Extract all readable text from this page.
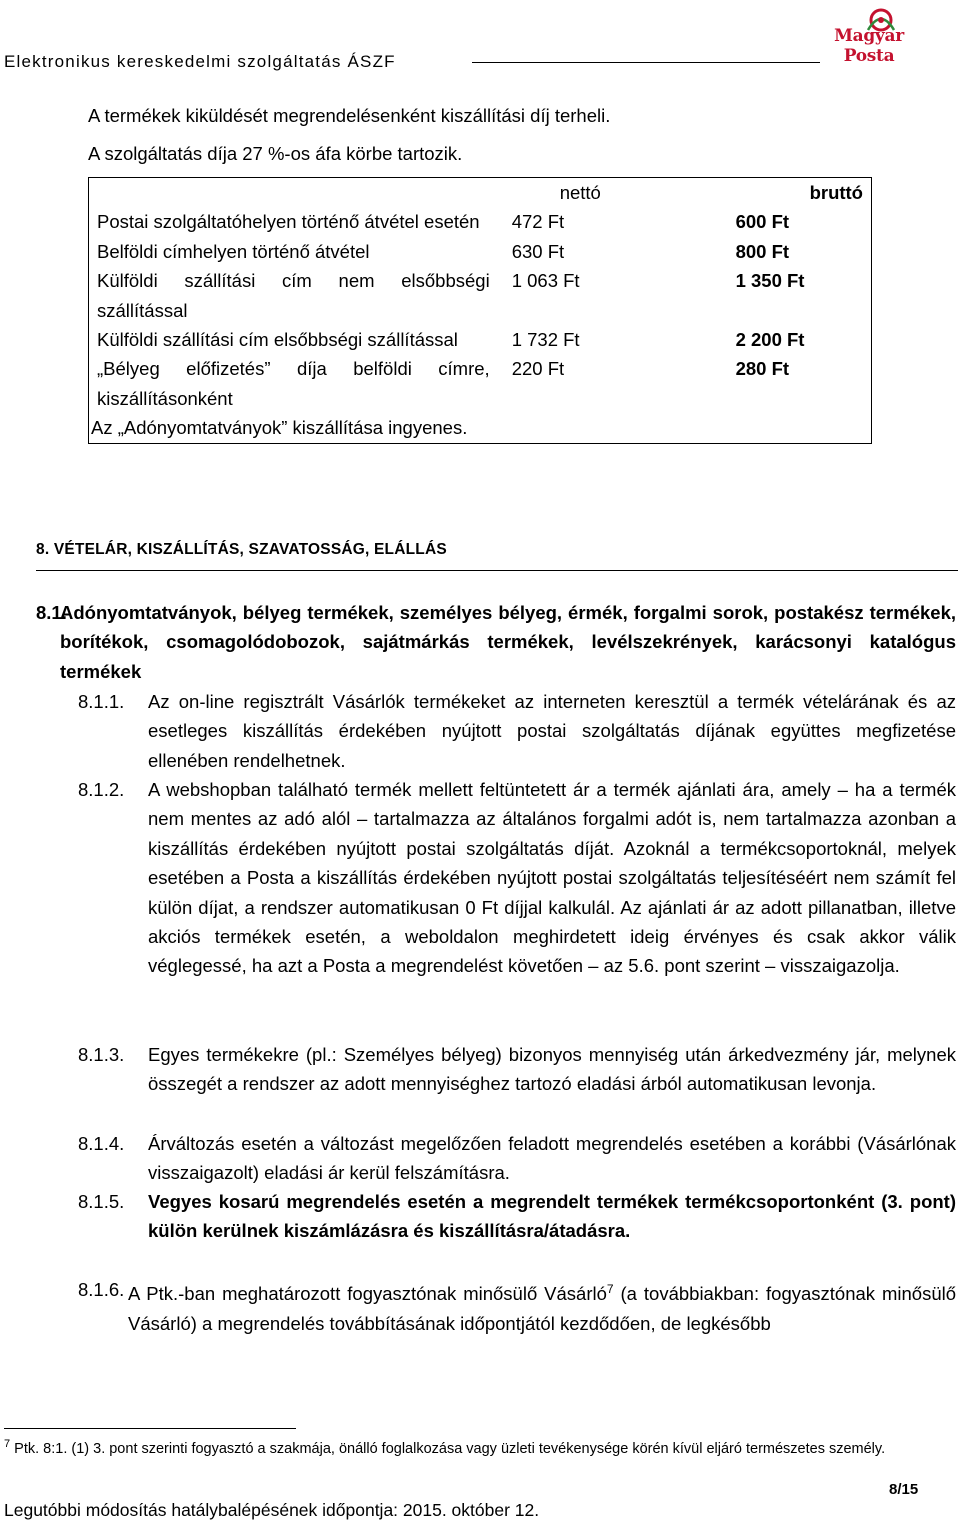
Elektronikus kereskedelmi szolgáltatás ÁSZF
Magyar Posta
A termékek kiküldését megrendelésenként kiszállítási díj terheli.
A szolgáltatás díja 27 %-os áfa körbe tartozik.
	nettó	bruttó
Postai szolgáltatóhelyen történő átvétel esetén	472 Ft	600 Ft
Belföldi címhelyen történő átvétel	630 Ft	800 Ft
Külföldi szállítási cím nem elsőbbségi szállítással	1 063 Ft	1 350 Ft
Külföldi szállítási cím elsőbbségi szállítással	1 732 Ft	2 200 Ft
„Bélyeg előfizetés” díja belföldi címre, kiszállításonként	220 Ft	280 Ft
Az „Adónyomtatványok” kiszállítása ingyenes.		
8. VÉTELÁR, KISZÁLLÍTÁS, SZAVATOSSÁG, ELÁLLÁS
8.1.
Adónyomtatványok, bélyeg termékek, személyes bélyeg, érmék, forgalmi sorok, postakész termékek, borítékok, csomagolódobozok, sajátmárkás termékek, levélszekrények, karácsonyi katalógus termékek
8.1.1. Az on-line regisztrált Vásárlók termékeket az interneten keresztül a termék vételárának és az esetleges kiszállítás érdekében nyújtott postai szolgáltatás díjának együttes megfizetése ellenében rendelhetnek.
8.1.2. A webshopban található termék mellett feltüntetett ár a termék ajánlati ára, amely – ha a termék nem mentes az adó alól – tartalmazza az általános forgalmi adót is, nem tartalmazza azonban a kiszállítás érdekében nyújtott postai szolgáltatás díját. Azoknál a termékcsoportoknál, melyek esetében a Posta a kiszállítás érdekében nyújtott postai szolgáltatás teljesítéséért nem számít fel külön díjat, a rendszer automatikusan 0 Ft díjjal kalkulál. Az ajánlati ár az adott pillanatban, illetve akciós termékek esetén, a weboldalon meghirdetett ideig érvényes és csak akkor válik véglegessé, ha azt a Posta a megrendelést követően – az 5.6. pont szerint – visszaigazolja.
8.1.3. Egyes termékekre (pl.: Személyes bélyeg) bizonyos mennyiség után árkedvezmény jár, melynek összegét a rendszer az adott mennyiséghez tartozó eladási árból automatikusan levonja.
8.1.4. Árváltozás esetén a változást megelőzően feladott megrendelés esetében a korábbi (Vásárlónak visszaigazolt) eladási ár kerül felszámításra.
8.1.5. Vegyes kosarú megrendelés esetén a megrendelt termékek termékcsoportonként (3. pont) külön kerülnek kiszámlázásra és kiszállításra/átadásra.
8.1.6. A Ptk.-ban meghatározott fogyasztónak minősülő Vásárló$^7$ (a továbbiakban: fogyasztónak minősülő Vásárló) a megrendelés továbbításának időpontjától kezdődően, de legkésőbb
$^7$ Ptk. 8:1. (1) 3. pont szerinti fogyasztó a szakmája, önálló foglalkozása vagy üzleti tevékenysége körén kívül eljáró természetes személy.
8/15
Legutóbbi módosítás hatálybalépésének időpontja: 2015. október 12.
